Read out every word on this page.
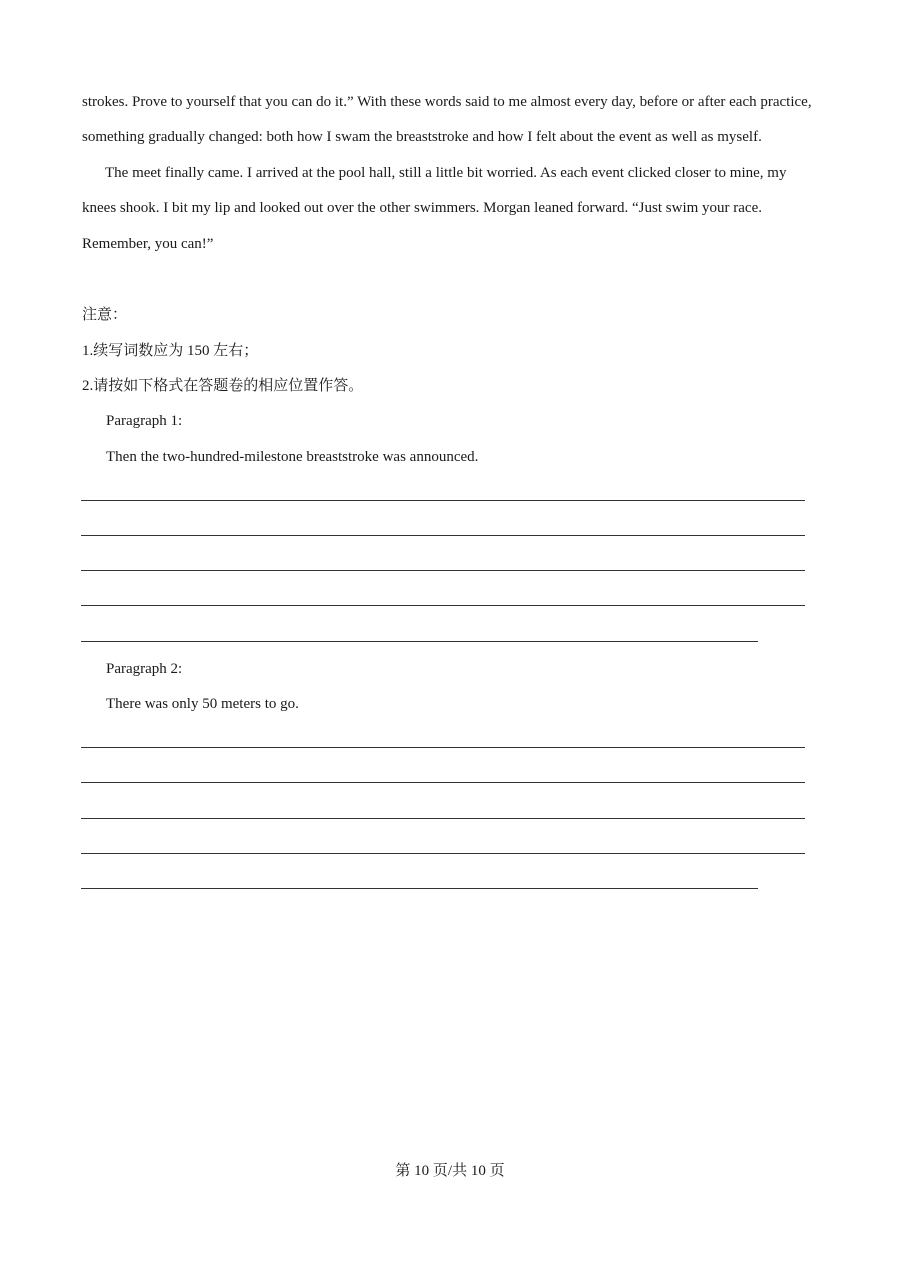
strokes. Prove to yourself that you can do it.” With these words said to me almost every day, before or after each practice, something gradually changed: both how I swam the breaststroke and how I felt about the event as well as myself.

The meet finally came. I arrived at the pool hall, still a little bit worried. As each event clicked closer to mine, my knees shook. I bit my lip and looked out over the other swimmers. Morgan leaned forward. “Just swim your race. Remember, you can!”

注意：
1.续写词数应为 150 左右；
2.请按如下格式在答题卷的相应位置作答。
Paragraph 1:
Then the two-hundred-milestone breaststroke was announced.
Paragraph 2:
There was only 50 meters to go.
第 10 页/共 10 页
